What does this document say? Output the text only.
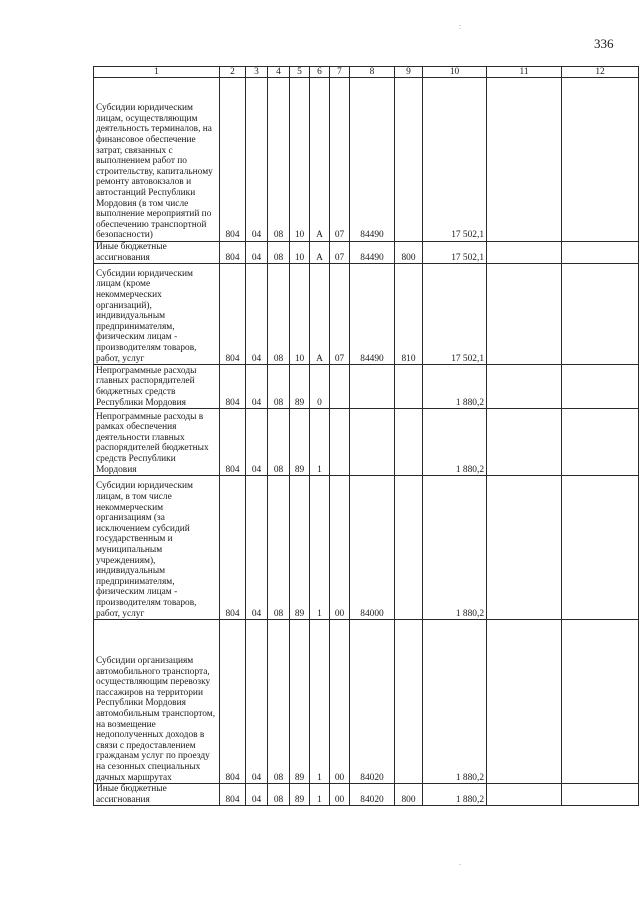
336
:
.
1	2	3	4	5	6	7	8	9	10	11	12
Субсидии юридическим лицам, осуществляющим деятельность терминалов, на финансовое обеспечение затрат, связанных с выполнением работ по строительству, капитальному ремонту автовокзалов и автостанций Республики Мордовия (в том числе выполнение мероприятий по обеспечению транспортной безопасности)	804	04	08	10	А	07	84490		17 502,1		
Иные бюджетные ассигнования	804	04	08	10	А	07	84490	800	17 502,1		
Субсидии юридическим лицам (кроме некоммерческих организаций), индивидуальным предпринимателям, физическим лицам - производителям товаров, работ, услуг	804	04	08	10	А	07	84490	810	17 502,1		
Непрограммные расходы главных распорядителей бюджетных средств Республики Мордовия	804	04	08	89	0				1 880,2		
Непрограммные расходы в рамках обеспечения деятельности главных распорядителей бюджетных средств Республики Мордовия	804	04	08	89	1				1 880,2		
Субсидии юридическим лицам, в том числе некоммерческим организациям (за исключением субсидий государственным и муниципальным учреждениям), индивидуальным предпринимателям, физическим лицам - производителям товаров, работ, услуг	804	04	08	89	1	00	84000		1 880,2		
Субсидии организациям автомобильного транспорта, осуществляющим перевозку пассажиров на территории Республики Мордовия автомобильным транспортом, на возмещение недополученных доходов в связи с предоставлением гражданам услуг по проезду на сезонных специальных дачных маршрутах	804	04	08	89	1	00	84020		1 880,2		
Иные бюджетные ассигнования	804	04	08	89	1	00	84020	800	1 880,2		
